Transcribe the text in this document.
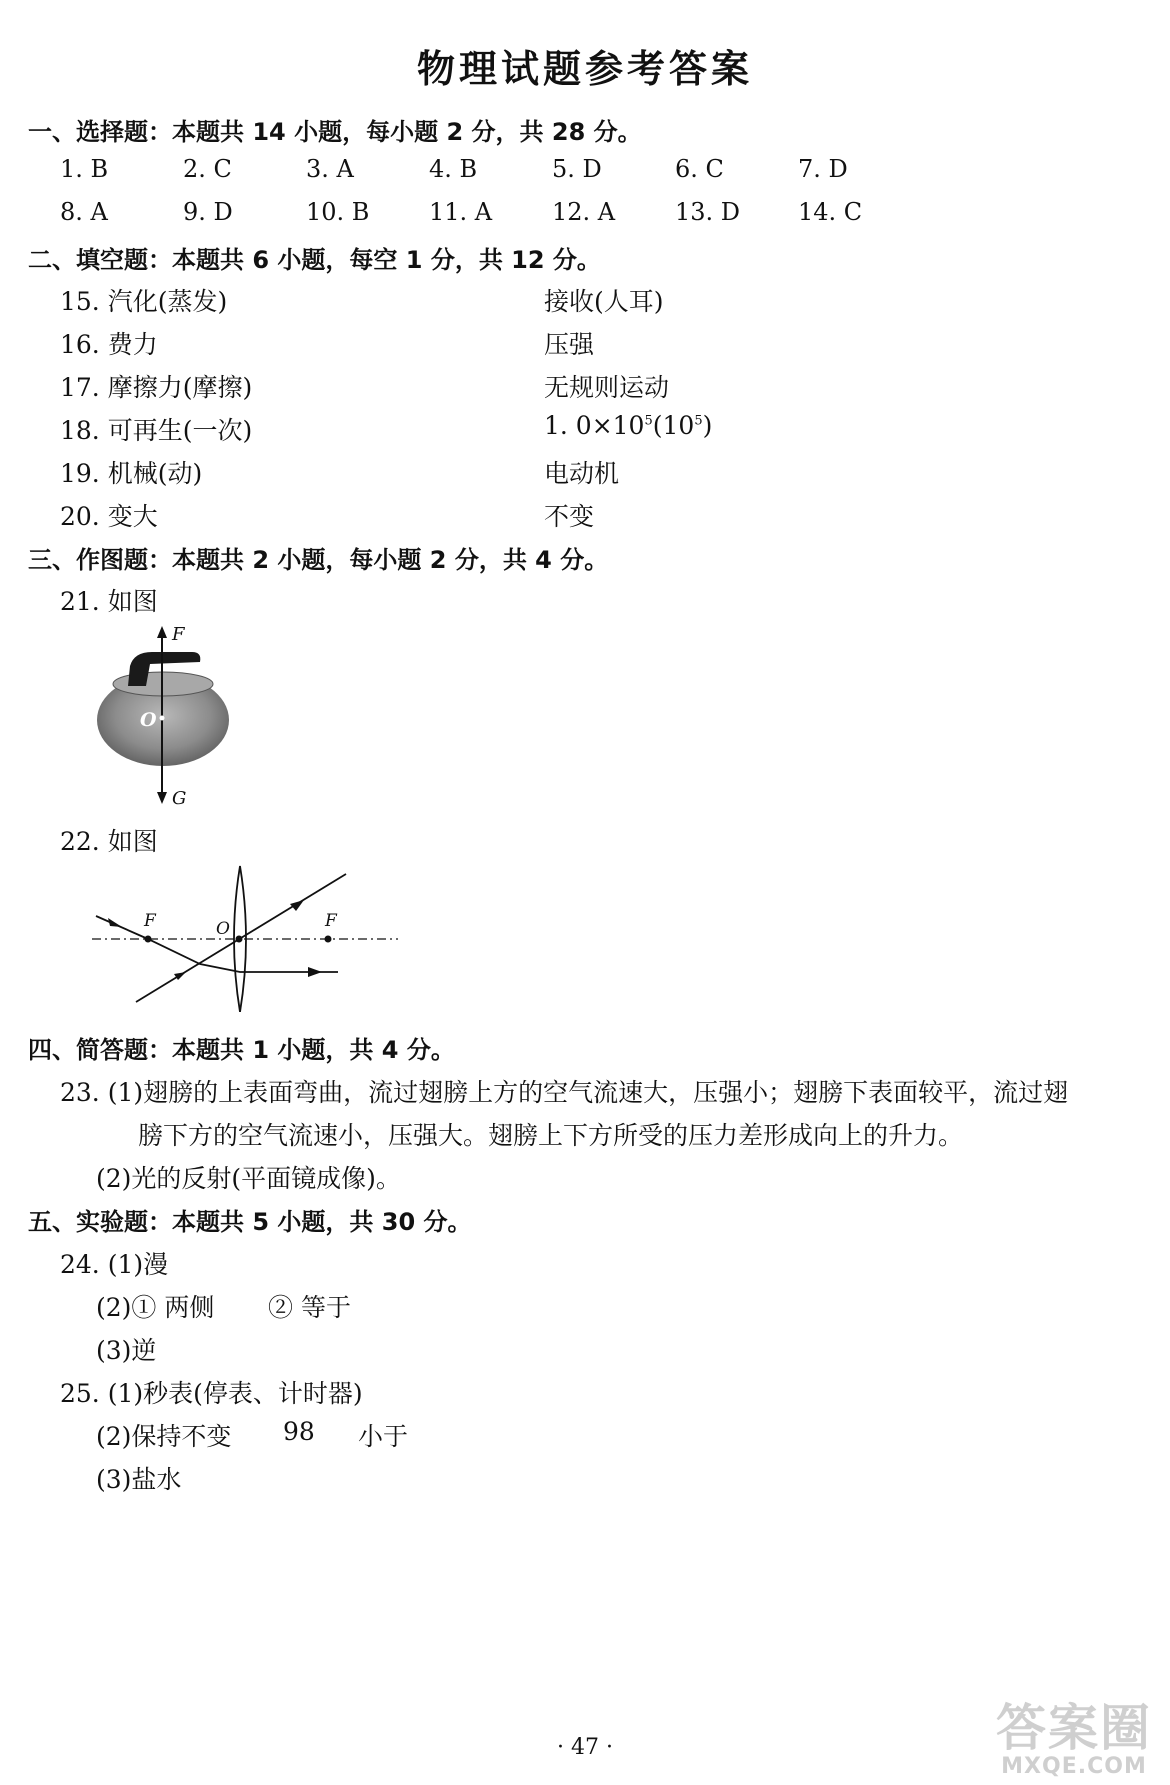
物理试题参考答案
一、选择题：本题共 14 小题，每小题 2 分，共 28 分。
1. B	2. C	3. A	4. B	5. D	6. C	7. D
8. A	9. D	10. B 11. A 12. A 13. D 14. C
二、填空题：本题共 6 小题，每空 1 分，共 12 分。
15. 汽化(蒸发)	接收(人耳)
16. 费力	压强
17. 摩擦力(摩擦)	无规则运动
18. 可再生(一次)	1. $0\times 10^5(10^5)$
19. 机械(动)	电动机
20. 变大	不变
三、作图题：本题共 2 小题，每小题 2 分，共 4 分。
21. 如图
F
G
O
22. 如图
F	O	F
四、简答题：本题共 1 小题，共 4 分。
23. (1)翅膀的上表面弯曲，流过翅膀上方的空气流速大，压强小；翅膀下表面较平，流过翅
膀下方的空气流速小，压强大。翅膀上下方所受的压力差形成向上的升力。
(2)光的反射(平面镜成像)。
五、实验题：本题共 5 小题，共 30 分。
24. (1)漫
(2)① 两侧 ② 等于
(3)逆
25. (1)秒表(停表、计时器)
(2)保持不变 98 小于
(3)盐水
· 47 ·	答案圈
MXQE.COM
